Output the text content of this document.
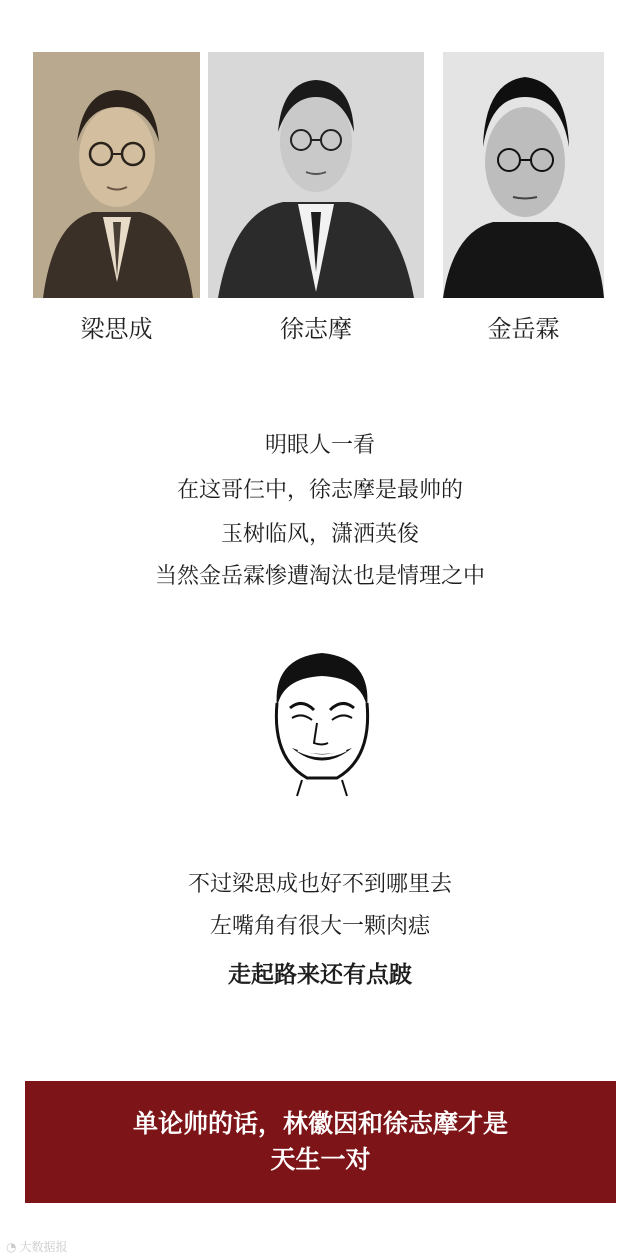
梁思成	徐志摩	金岳霖
明眼人一看
在这哥仨中，徐志摩是最帅的
玉树临风，潇洒英俊
当然金岳霖惨遭淘汰也是情理之中
不过梁思成也好不到哪里去
左嘴角有很大一颗肉痣
走起路来还有点跛
单论帅的话，林徽因和徐志摩才是
天生一对
◔ 大数据报
